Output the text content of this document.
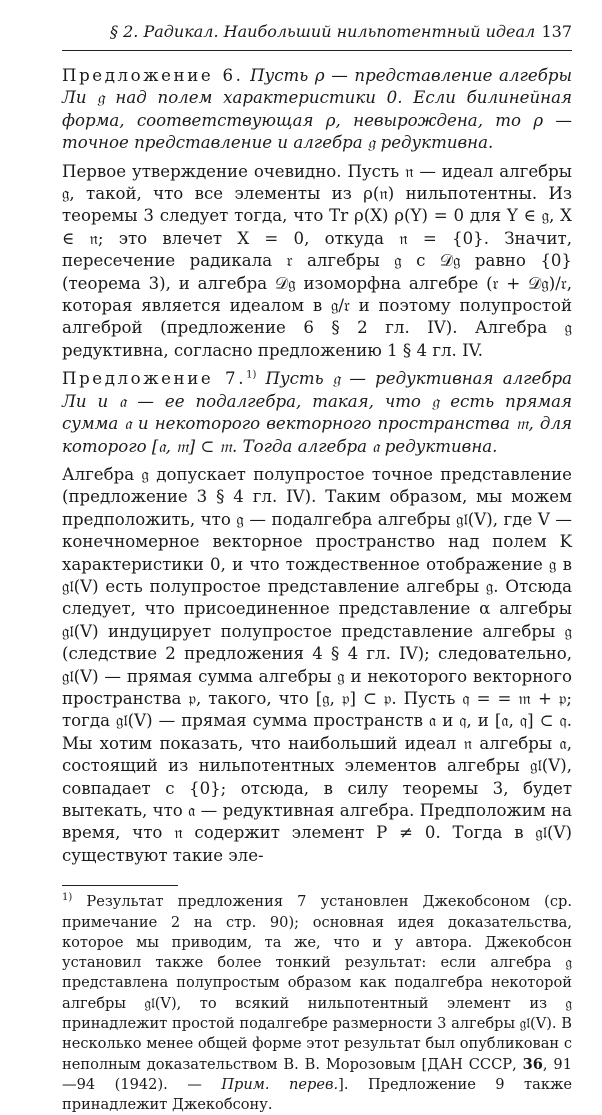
§ 2. Радикал. Наибольший нильпотентный идеал 137

Предложение 6. Пусть ρ — представление алгебры Ли 𝔤 над полем характеристики 0. Если билинейная форма, соответствующая ρ, невырождена, то ρ — точное представление и алгебра 𝔤 редуктивна.

Первое утверждение очевидно. Пусть 𝔫 — идеал алгебры 𝔤, такой, что все элементы из ρ(𝔫) нильпотентны. Из теоремы 3 следует тогда, что Tr ρ(X) ρ(Y) = 0 для Y ∈ 𝔤, X ∈ 𝔫; это влечет X = 0, откуда 𝔫 = {0}. Значит, пересечение радикала 𝔯 алгебры 𝔤 с 𝒟𝔤 равно {0} (теорема 3), и алгебра 𝒟𝔤 изоморфна алгебре (𝔯 + 𝒟𝔤)/𝔯, которая является идеалом в 𝔤/𝔯 и поэтому полупростой алгеброй (предложение 6 § 2 гл. IV). Алгебра 𝔤 редуктивна, согласно предложению 1 § 4 гл. IV.

Предложение 7.$^{1)}$ Пусть 𝔤 — редуктивная алгебра Ли и 𝔞 — ее подалгебра, такая, что 𝔤 есть прямая сумма 𝔞 и некоторого векторного пространства 𝔪, для которого [𝔞, 𝔪] ⊂ 𝔪. Тогда алгебра 𝔞 редуктивна.

Алгебра 𝔤 допускает полупростое точное представление (предложение 3 § 4 гл. IV). Таким образом, мы можем предположить, что 𝔤 — подалгебра алгебры 𝔤𝔩(V), где V — конечномерное векторное пространство над полем K характеристики 0, и что тождественное отображение 𝔤 в 𝔤𝔩(V) есть полупростое представление алгебры 𝔤. Отсюда следует, что присоединенное представление α алгебры 𝔤𝔩(V) индуцирует полупростое представление алгебры 𝔤 (следствие 2 предложения 4 § 4 гл. IV); следовательно, 𝔤𝔩(V) — прямая сумма алгебры 𝔤 и некоторого векторного пространства 𝔭, такого, что [𝔤, 𝔭] ⊂ 𝔭. Пусть 𝔮 = = 𝔪 + 𝔭; тогда 𝔤𝔩(V) — прямая сумма пространств 𝔞 и 𝔮, и [𝔞, 𝔮] ⊂ 𝔮. Мы хотим показать, что наибольший идеал 𝔫 алгебры 𝔞, состоящий из нильпотентных элементов алгебры 𝔤𝔩(V), совпадает с {0}; отсюда, в силу теоремы 3, будет вытекать, что 𝔞 — редуктивная алгебра. Предположим на время, что 𝔫 содержит элемент P ≠ 0. Тогда в 𝔤𝔩(V) существуют такие эле-

$^{1)}$ Результат предложения 7 установлен Джекобсоном (ср. примечание 2 на стр. 90); основная идея доказательства, которое мы приводим, та же, что и у автора. Джекобсон установил также более тонкий результат: если алгебра 𝔤 представлена полупростым образом как подалгебра некоторой алгебры 𝔤𝔩(V), то всякий нильпотентный элемент из 𝔤 принадлежит простой подалгебре размерности 3 алгебры 𝔤𝔩(V). В несколько менее общей форме этот результат был опубликован с неполным доказательством В. В. Морозовым [ДАН СССР, 36, 91—94 (1942). — Прим. перев.]. Предложение 9 также принадлежит Джекобсону.
